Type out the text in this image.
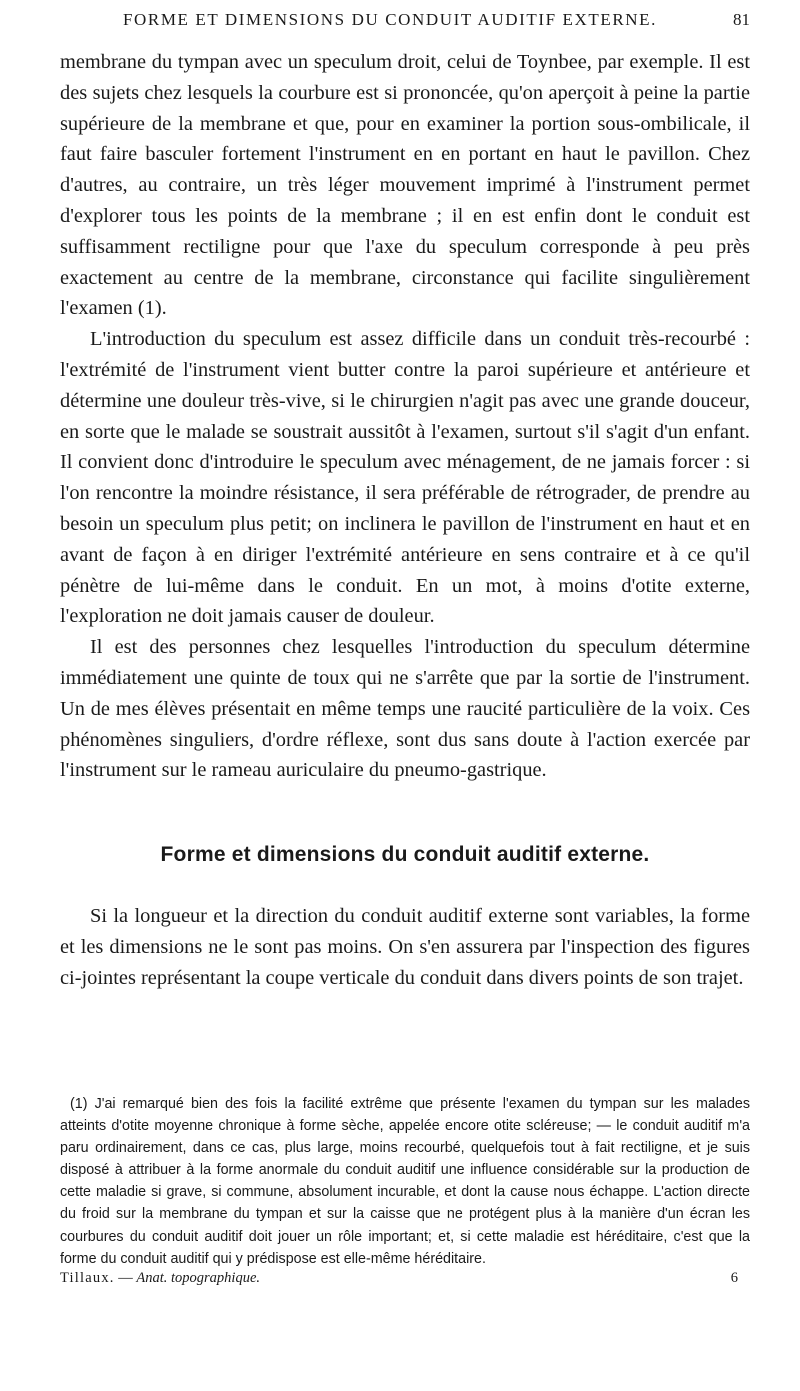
FORME ET DIMENSIONS DU CONDUIT AUDITIF EXTERNE.	81

membrane du tympan avec un speculum droit, celui de Toynbee, par exemple. Il est des sujets chez lesquels la courbure est si prononcée, qu'on aperçoit à peine la partie supérieure de la membrane et que, pour en examiner la portion sous-ombilicale, il faut faire basculer fortement l'instrument en en portant en haut le pavillon. Chez d'autres, au contraire, un très léger mouvement imprimé à l'instrument permet d'explorer tous les points de la membrane ; il en est enfin dont le conduit est suffisamment rectiligne pour que l'axe du speculum corresponde à peu près exactement au centre de la membrane, circonstance qui facilite singulièrement l'examen (1).

L'introduction du speculum est assez difficile dans un conduit très-recourbé : l'extrémité de l'instrument vient butter contre la paroi supérieure et antérieure et détermine une douleur très-vive, si le chirurgien n'agit pas avec une grande douceur, en sorte que le malade se soustrait aussitôt à l'examen, surtout s'il s'agit d'un enfant. Il convient donc d'introduire le speculum avec ménagement, de ne jamais forcer : si l'on rencontre la moindre résistance, il sera préférable de rétrograder, de prendre au besoin un speculum plus petit; on inclinera le pavillon de l'instrument en haut et en avant de façon à en diriger l'extrémité antérieure en sens contraire et à ce qu'il pénètre de lui-même dans le conduit. En un mot, à moins d'otite externe, l'exploration ne doit jamais causer de douleur.

Il est des personnes chez lesquelles l'introduction du speculum détermine immédiatement une quinte de toux qui ne s'arrête que par la sortie de l'instrument. Un de mes élèves présentait en même temps une raucité particulière de la voix. Ces phénomènes singuliers, d'ordre réflexe, sont dus sans doute à l'action exercée par l'instrument sur le rameau auriculaire du pneumo-gastrique.

Forme et dimensions du conduit auditif externe.

Si la longueur et la direction du conduit auditif externe sont variables, la forme et les dimensions ne le sont pas moins. On s'en assurera par l'inspection des figures ci-jointes représentant la coupe verticale du conduit dans divers points de son trajet.

(1) J'ai remarqué bien des fois la facilité extrême que présente l'examen du tympan sur les malades atteints d'otite moyenne chronique à forme sèche, appelée encore otite scléreuse; — le conduit auditif m'a paru ordinairement, dans ce cas, plus large, moins recourbé, quelquefois tout à fait rectiligne, et je suis disposé à attribuer à la forme anormale du conduit auditif une influence considérable sur la production de cette maladie si grave, si commune, absolument incurable, et dont la cause nous échappe. L'action directe du froid sur la membrane du tympan et sur la caisse que ne protégent plus à la manière d'un écran les courbures du conduit auditif doit jouer un rôle important; et, si cette maladie est héréditaire, c'est que la forme du conduit auditif qui y prédispose est elle-même héréditaire.

Tillaux. — Anat. topographique.	6
